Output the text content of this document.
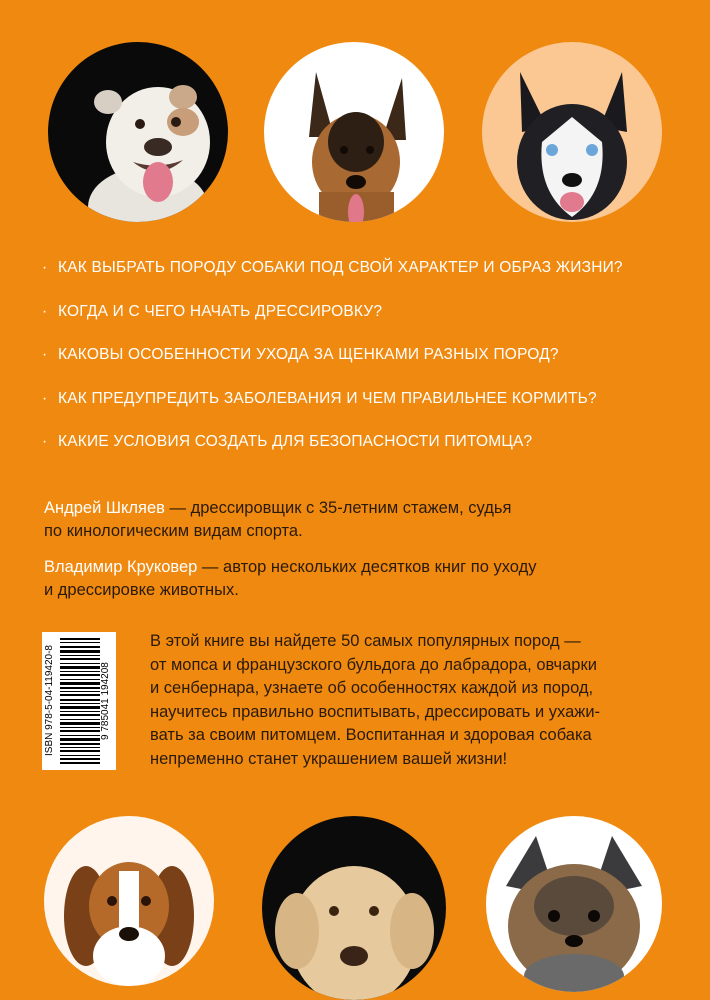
· КАК ВЫБРАТЬ ПОРОДУ СОБАКИ ПОД СВОЙ ХАРАКТЕР И ОБРАЗ ЖИЗНИ?
· КОГДА И С ЧЕГО НАЧАТЬ ДРЕССИРОВКУ?
· КАКОВЫ ОСОБЕННОСТИ УХОДА ЗА ЩЕНКАМИ РАЗНЫХ ПОРОД?
· КАК ПРЕДУПРЕДИТЬ ЗАБОЛЕВАНИЯ И ЧЕМ ПРАВИЛЬНЕЕ КОРМИТЬ?
· КАКИЕ УСЛОВИЯ СОЗДАТЬ ДЛЯ БЕЗОПАСНОСТИ ПИТОМЦА?
Андрей Шкляев — дрессировщик с 35-летним стажем, судья
по кинологическим видам спорта.
Владимир Круковер — автор нескольких десятков книг по уходу
и дрессировке животных.
ISBN 978-5-04-119420-8	9 785041 194208
В этой книге вы найдете 50 самых популярных пород —
от мопса и французского бульдога до лабрадора, овчарки
и сенбернара, узнаете об особенностях каждой из пород,
научитесь правильно воспитывать, дрессировать и ухажи-
вать за своим питомцем. Воспитанная и здоровая собака
непременно станет украшением вашей жизни!
